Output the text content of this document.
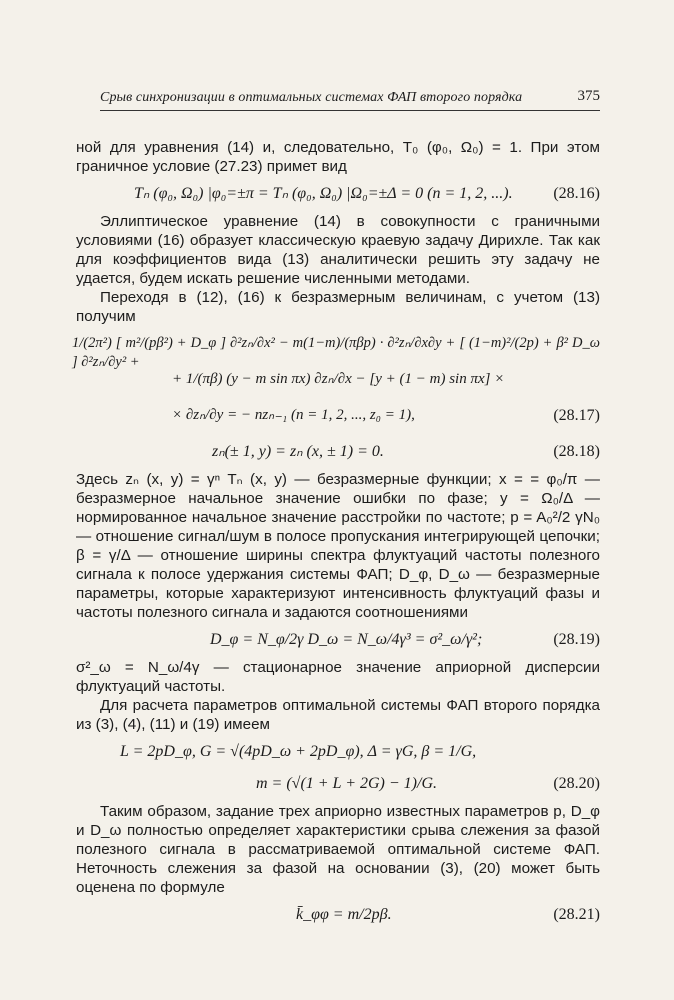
Срыв синхронизации в оптимальных системах ФАП второго порядка	375

ной для уравнения (14) и, следовательно, T₀ (φ₀, Ω₀) = 1. При этом граничное условие (27.23) примет вид

Tₙ (φ₀, Ω₀) |φ₀=±π = Tₙ (φ₀, Ω₀) |Ω₀=±Δ = 0 (n = 1, 2, ...).	(28.16)

Эллиптическое уравнение (14) в совокупности с граничными условиями (16) образует классическую краевую задачу Дирихле. Так как для коэффициентов вида (13) аналитически решить эту задачу не удается, будем искать решение численными методами.

Переходя в (12), (16) к безразмерным величинам, с учетом (13) получим

1/(2π²) [ m²/(pβ²) + D_φ ] ∂²zₙ/∂x² − m(1−m)/(πβp) · ∂²zₙ/∂x∂y + [ (1−m)²/(2p) + β² D_ω ] ∂²zₙ/∂y² +
+ 1/(πβ) (y − m sin πx) ∂zₙ/∂x − [y + (1 − m) sin πx] ×
× ∂zₙ/∂y = − nzₙ₋₁ (n = 1, 2, ..., z₀ = 1),	(28.17)
zₙ(± 1, y) = zₙ (x, ± 1) = 0.	(28.18)

Здесь zₙ (x, y) = γⁿ Tₙ (x, y) — безразмерные функции; x = = φ₀/π — безразмерное начальное значение ошибки по фазе; y = Ω₀/Δ — нормированное начальное значение расстройки по частоте; p = A₀²/2 γN₀ — отношение сигнал/шум в полосе пропускания интегрирующей цепочки; β = γ/Δ — отношение ширины спектра флуктуаций частоты полезного сигнала к полосе удержания системы ФАП; D_φ, D_ω — безразмерные параметры, которые характеризуют интенсивность флуктуаций фазы и частоты полезного сигнала и задаются соотношениями

D_φ = N_φ/2γ D_ω = N_ω/4γ³ = σ²_ω/γ²;	(28.19)

σ²_ω = N_ω/4γ — стационарное значение априорной дисперсии флуктуаций частоты.

Для расчета параметров оптимальной системы ФАП второго порядка из (3), (4), (11) и (19) имеем

L = 2pD_φ, G = √(4pD_ω + 2pD_φ), Δ = γG, β = 1/G,
m = (√(1 + L + 2G) − 1)/G.	(28.20)

Таким образом, задание трех априорно известных параметров p, D_φ и D_ω полностью определяет характеристики срыва слежения за фазой полезного сигнала в рассматриваемой оптимальной системе ФАП. Неточность слежения за фазой на основании (3), (20) может быть оценена по формуле

k̄_φφ = m/2pβ.	(28.21)
